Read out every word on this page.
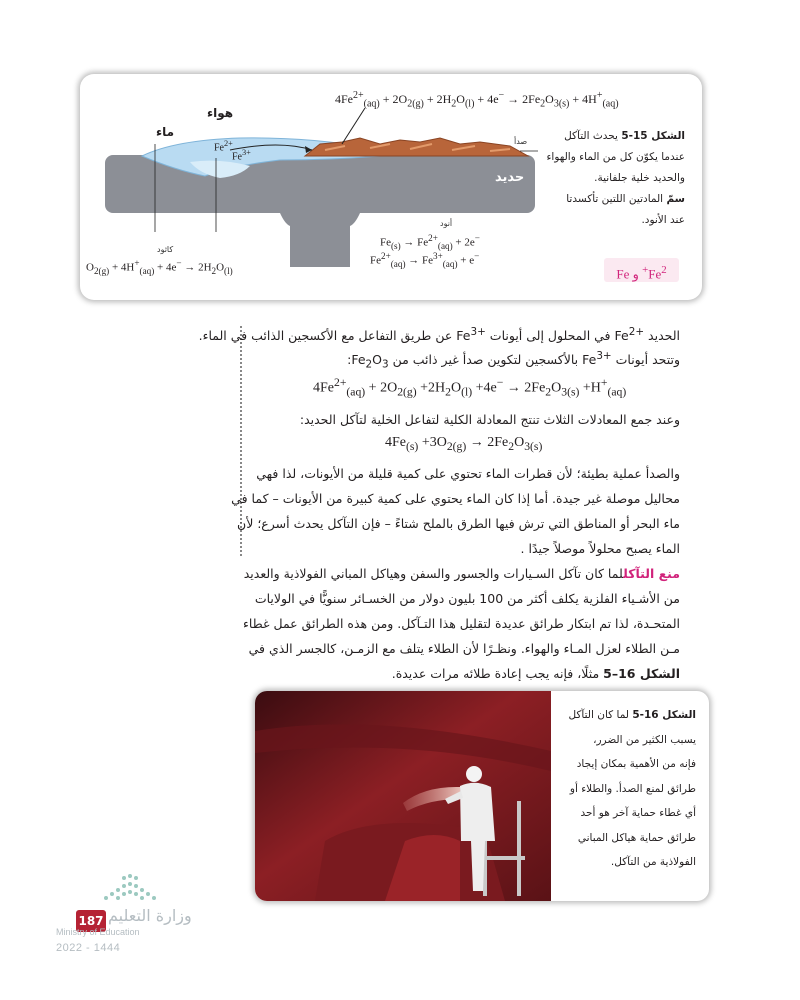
$4Fe^{2+}_{(aq)} + 2O_{2(g)} + 2H_2O_{(l)} + 4e^- \to 2Fe_2O_{3(s)} + 4H^+_{(aq)}$
هواء
ماء
صدأ
حديد
$Fe^{2+}$
$Fe^{3+}$
أنود
$Fe_{(s)} \to Fe^{2+}_{(aq)} + 2e^-$
$Fe^{2+}_{(aq)} \to Fe^{3+}_{(aq)} + e^-$
كاثود
$O_{2(g)} + 4H^+_{(aq)} + 4e^- \to 2H_2O_{(l)}$
الشكل 15-5 يحدث التآكل
عندما يكوّن كل من الماء والهواء
والحديد خلية جلفانية.
سمّ المادتين اللتين تأكسدتا
عند الأنود.
$Fe^{2+}$ و Fe
الحديد $Fe^{2+}$ في المحلول إلى أيونات $Fe^{3+}$ عن طريق التفاعل مع الأكسجين الذائب في الماء.
وتتحد أيونات $Fe^{3+}$ بالأكسجين لتكوين صدأ غير ذائب من $Fe_2O_3$:
$4Fe^{2+}_{(aq)} + 2O_{2(g)} +2H_2O_{(l)} +4e^- \to 2Fe_2O_{3(s)} +H^+_{(aq)}$
وعند جمع المعادلات الثلاث تنتج المعادلة الكلية لتفاعل الخلية لتآكل الحديد:
$4Fe_{(s)} +3O_{2(g)} \to 2Fe_2O_{3(s)}$
والصدأ عملية بطيئة؛ لأن قطرات الماء تحتوي على كمية قليلة من الأيونات، لذا فهي
محاليل موصلة غير جيدة. أما إذا كان الماء يحتوي على كمية كبيرة من الأيونات – كما في
ماء البحر أو المناطق التي ترش فيها الطرق بالملح شتاءً – فإن التآكل يحدث أسرع؛ لأن
الماء يصبح محلولاً موصلاً جيدًا .
منع التآكللما كان تآكل السـيارات والجسور والسفن وهياكل المباني الفولاذية والعديد
من الأشـياء الفلزية يكلف أكثر من 100 بليون دولار من الخسـائر سنويًّا في الولايات
المتحـدة، لذا تم ابتكار طرائق عديدة لتقليل هذا التـآكل. ومن هذه الطرائق عمل غطاء
مـن الطلاء لعزل المـاء والهواء. ونظـرًا لأن الطلاء يتلف مع الزمـن، كالجسر الذي في
الشكل 16–5 مثلًا، فإنه يجب إعادة طلائه مرات عديدة.
الشكل 16-5 لما كان التآكل
يسبب الكثير من الضرر،
فإنه من الأهمية بمكان إيجاد
طرائق لمنع الصدأ. والطلاء أو
أي غطاء حماية آخر هو أحد
طرائق حماية هياكل المباني
الفولاذية من التآكل.
187 وزارة التعليم
Ministry of Education
2022 - 1444
